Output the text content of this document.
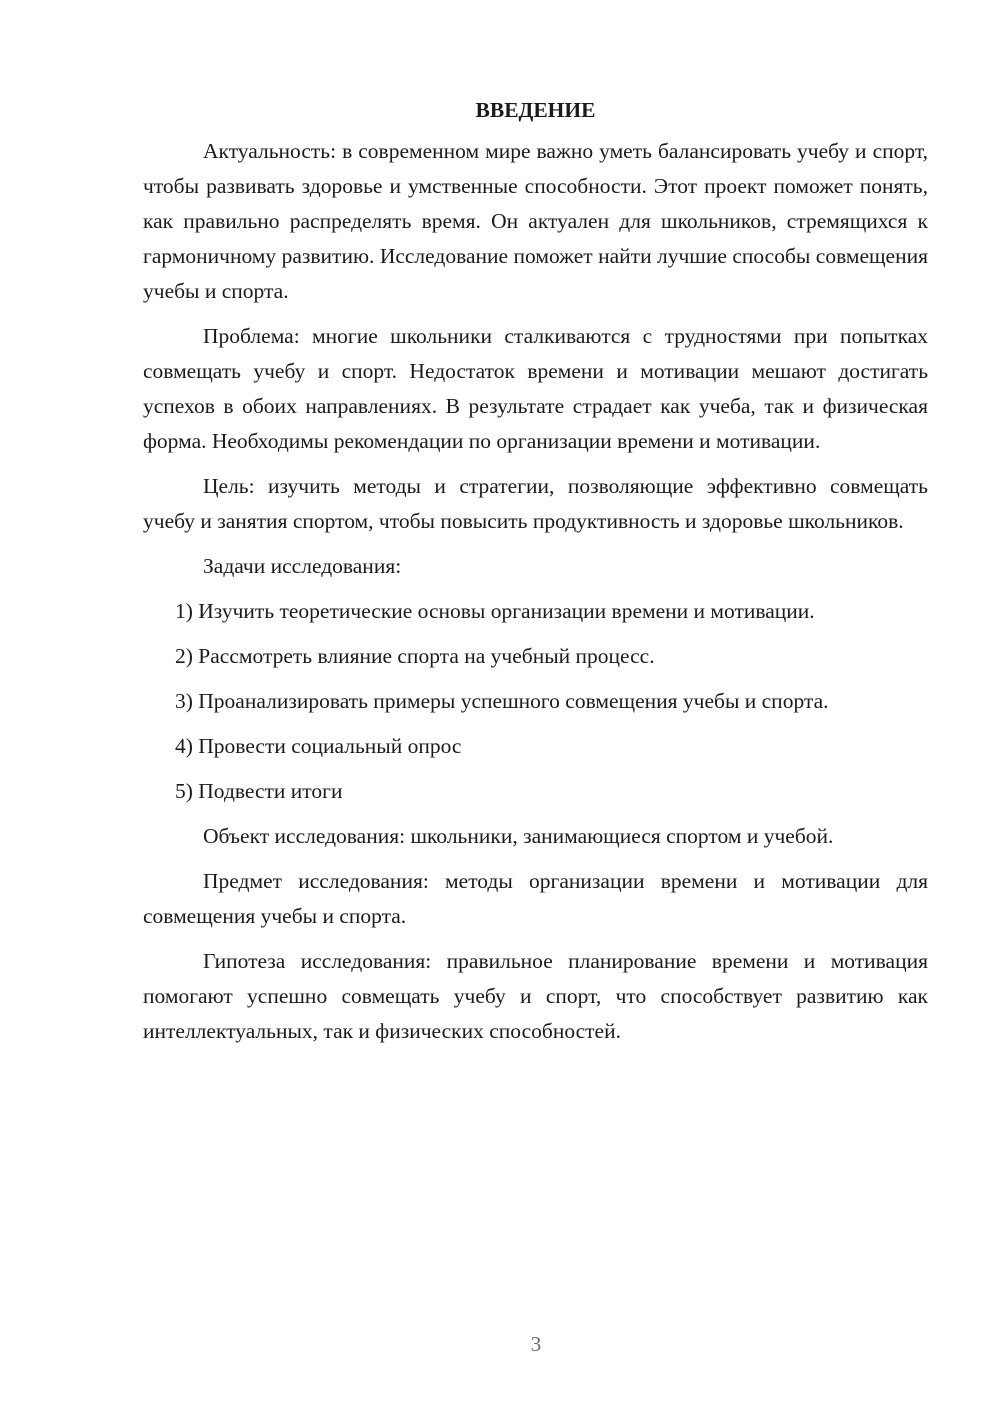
ВВЕДЕНИЕ

Актуальность: в современном мире важно уметь балансировать учебу и спорт, чтобы развивать здоровье и умственные способности. Этот проект поможет понять, как правильно распределять время. Он актуален для школьников, стремящихся к гармоничному развитию. Исследование поможет найти лучшие способы совмещения учебы и спорта.

Проблема: многие школьники сталкиваются с трудностями при попытках совмещать учебу и спорт. Недостаток времени и мотивации мешают достигать успехов в обоих направлениях. В результате страдает как учеба, так и физическая форма. Необходимы рекомендации по организации времени и мотивации.

Цель: изучить методы и стратегии, позволяющие эффективно совмещать учебу и занятия спортом, чтобы повысить продуктивность и здоровье школьников.

Задачи исследования:

1) Изучить теоретические основы организации времени и мотивации.

2) Рассмотреть влияние спорта на учебный процесс.

3) Проанализировать примеры успешного совмещения учебы и спорта.

4) Провести социальный опрос

5) Подвести итоги

Объект исследования: школьники, занимающиеся спортом и учебой.

Предмет исследования: методы организации времени и мотивации для совмещения учебы и спорта.

Гипотеза исследования: правильное планирование времени и мотивация помогают успешно совмещать учебу и спорт, что способствует развитию как интеллектуальных, так и физических способностей.

3
